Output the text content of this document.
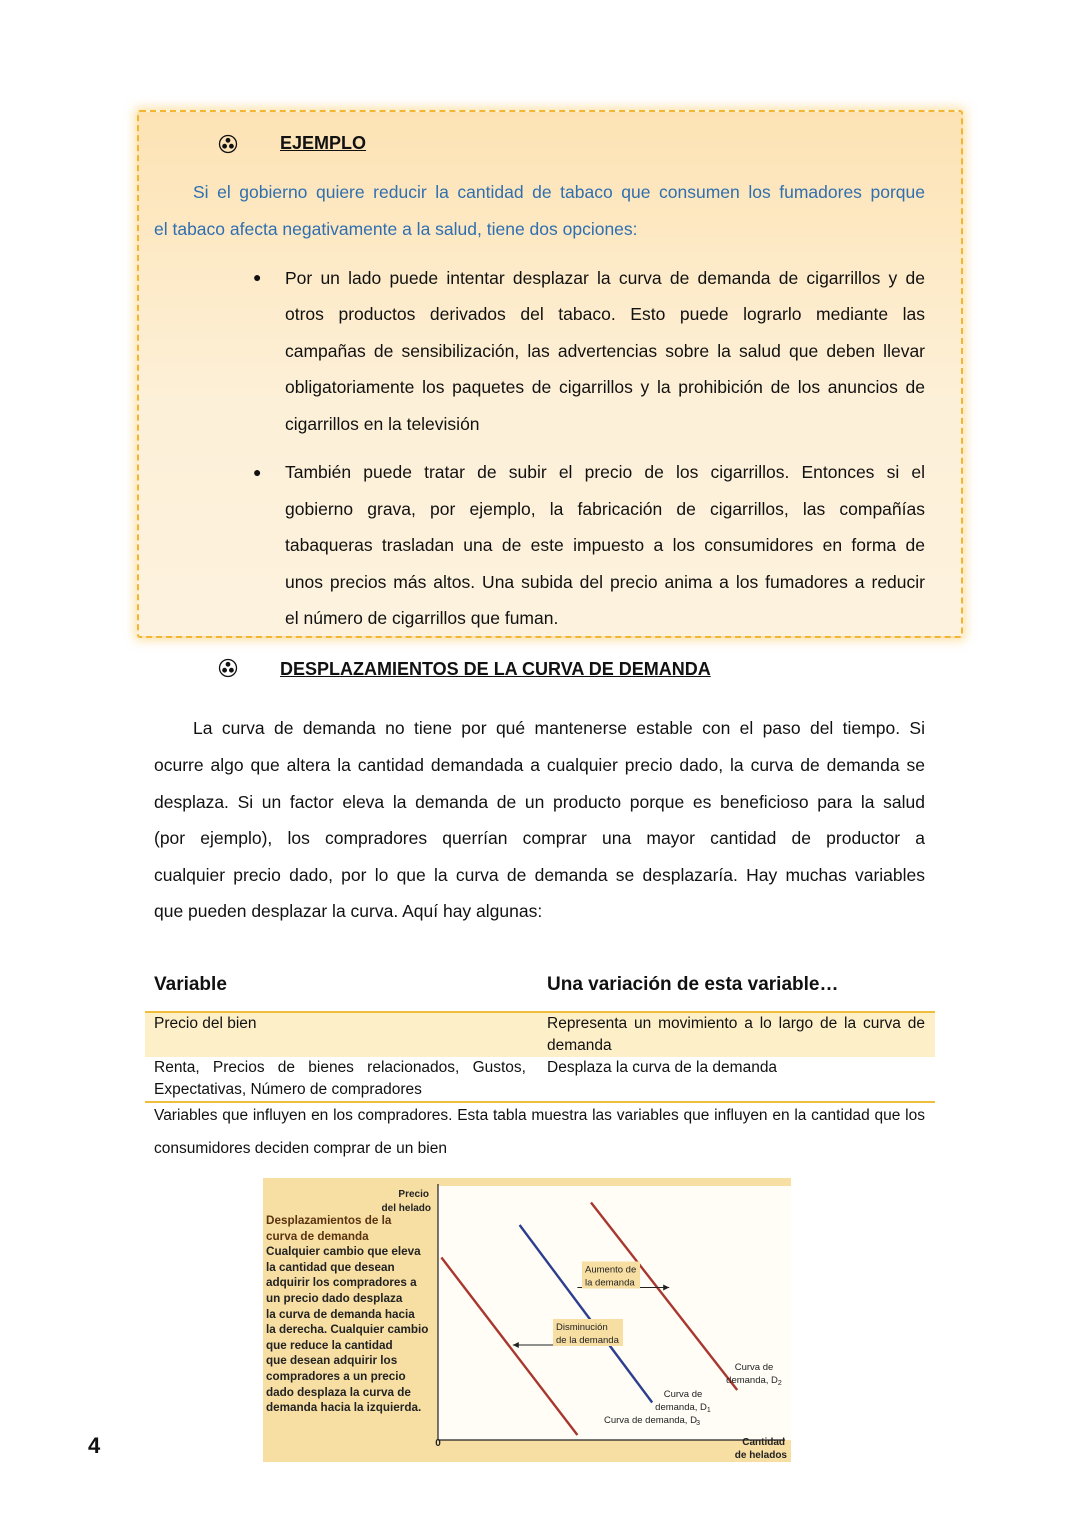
EJEMPLO
Si el gobierno quiere reducir la cantidad de tabaco que consumen los fumadores porque
el tabaco afecta negativamente a la salud, tiene dos opciones:
● Por un lado puede intentar desplazar la curva de demanda de cigarrillos y de
otros productos derivados del tabaco. Esto puede lograrlo mediante las
campañas de sensibilización, las advertencias sobre la salud que deben llevar
obligatoriamente los paquetes de cigarrillos y la prohibición de los anuncios de
cigarrillos en la televisión
● También puede tratar de subir el precio de los cigarrillos. Entonces si el
gobierno grava, por ejemplo, la fabricación de cigarrillos, las compañías
tabaqueras trasladan una de este impuesto a los consumidores en forma de
unos precios más altos. Una subida del precio anima a los fumadores a reducir
el número de cigarrillos que fuman.
DESPLAZAMIENTOS DE LA CURVA DE DEMANDA
La curva de demanda no tiene por qué mantenerse estable con el paso del tiempo. Si
ocurre algo que altera la cantidad demandada a cualquier precio dado, la curva de demanda se
desplaza. Si un factor eleva la demanda de un producto porque es beneficioso para la salud
(por ejemplo), los compradores querrían comprar una mayor cantidad de productor a
cualquier precio dado, por lo que la curva de demanda se desplazaría. Hay muchas variables
que pueden desplazar la curva. Aquí hay algunas:
Variable	Una variación de esta variable…
Precio del bien	Representa un movimiento a lo largo de la curva de demanda
Renta, Precios de bienes relacionados, Gustos, Expectativas, Número de compradores
Desplaza la curva de la demanda
Variables que influyen en los compradores. Esta tabla muestra las variables que influyen en la cantidad que los consumidores deciden comprar de un bien
Desplazamientos de la
curva de demanda
Cualquier cambio que eleva
la cantidad que desean
adquirir los compradores a
un precio dado desplaza
la curva de demanda hacia
la derecha. Cualquier cambio
que reduce la cantidad
que desean adquirir los
compradores a un precio
dado desplaza la curva de
demanda hacia la izquierda.
Precio
del helado
Cantidad
de helados
0
Curva de demanda, D 3
Curva de demanda, $D_1$
Curva de demanda, $D_2$
Aumento de
la demanda
Disminución
de la demanda
4
